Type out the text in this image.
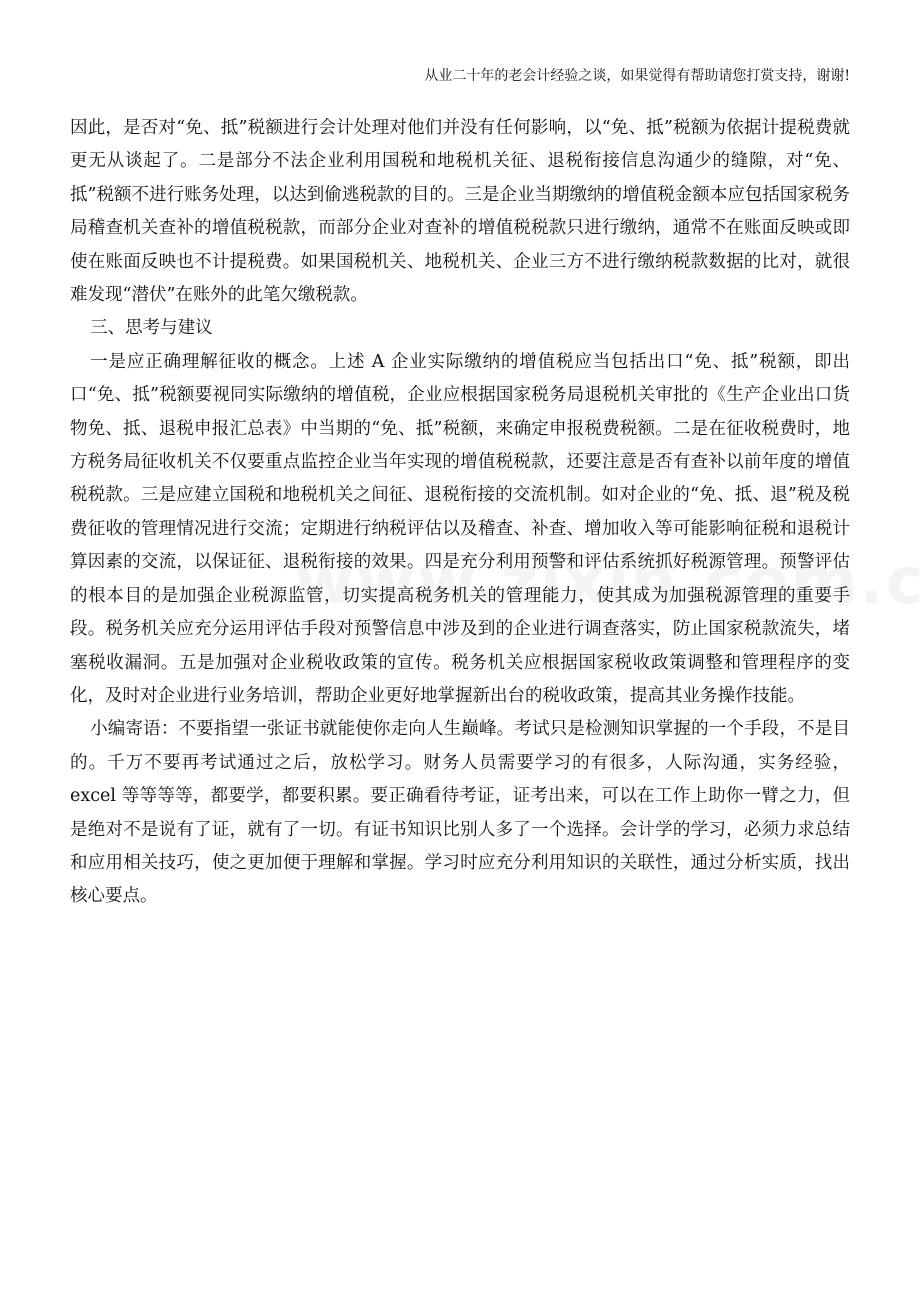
从业二十年的老会计经验之谈，如果觉得有帮助请您打赏支持，谢谢!

因此，是否对“免、抵”税额进行会计处理对他们并没有任何影响，以“免、抵”税额为依据计提税费就更无从谈起了。二是部分不法企业利用国税和地税机关征、退税衔接信息沟通少的缝隙，对“免、抵”税额不进行账务处理，以达到偷逃税款的目的。三是企业当期缴纳的增值税金额本应包括国家税务局稽查机关查补的增值税税款，而部分企业对查补的增值税税款只进行缴纳，通常不在账面反映或即使在账面反映也不计提税费。如果国税机关、地税机关、企业三方不进行缴纳税款数据的比对，就很难发现“潜伏”在账外的此笔欠缴税款。

三、思考与建议

一是应正确理解征收的概念。上述 A 企业实际缴纳的增值税应当包括出口“免、抵”税额，即出口“免、抵”税额要视同实际缴纳的增值税，企业应根据国家税务局退税机关审批的《生产企业出口货物免、抵、退税申报汇总表》中当期的“免、抵”税额，来确定申报税费税额。二是在征收税费时，地方税务局征收机关不仅要重点监控企业当年实现的增值税税款，还要注意是否有查补以前年度的增值税税款。三是应建立国税和地税机关之间征、退税衔接的交流机制。如对企业的“免、抵、退”税及税费征收的管理情况进行交流；定期进行纳税评估以及稽查、补查、增加收入等可能影响征税和退税计算因素的交流，以保证征、退税衔接的效果。四是充分利用预警和评估系统抓好税源管理。预警评估的根本目的是加强企业税源监管，切实提高税务机关的管理能力，使其成为加强税源管理的重要手段。税务机关应充分运用评估手段对预警信息中涉及到的企业进行调查落实，防止国家税款流失，堵塞税收漏洞。五是加强对企业税收政策的宣传。税务机关应根据国家税收政策调整和管理程序的变化，及时对企业进行业务培训，帮助企业更好地掌握新出台的税收政策，提高其业务操作技能。

小编寄语：不要指望一张证书就能使你走向人生巅峰。考试只是检测知识掌握的一个手段，不是目的。千万不要再考试通过之后，放松学习。财务人员需要学习的有很多，人际沟通，实务经验，excel 等等等等，都要学，都要积累。要正确看待考证，证考出来，可以在工作上助你一臂之力，但是绝对不是说有了证，就有了一切。有证书知识比别人多了一个选择。会计学的学习，必须力求总结和应用相关技巧，使之更加便于理解和掌握。学习时应充分利用知识的关联性，通过分析实质，找出核心要点。
